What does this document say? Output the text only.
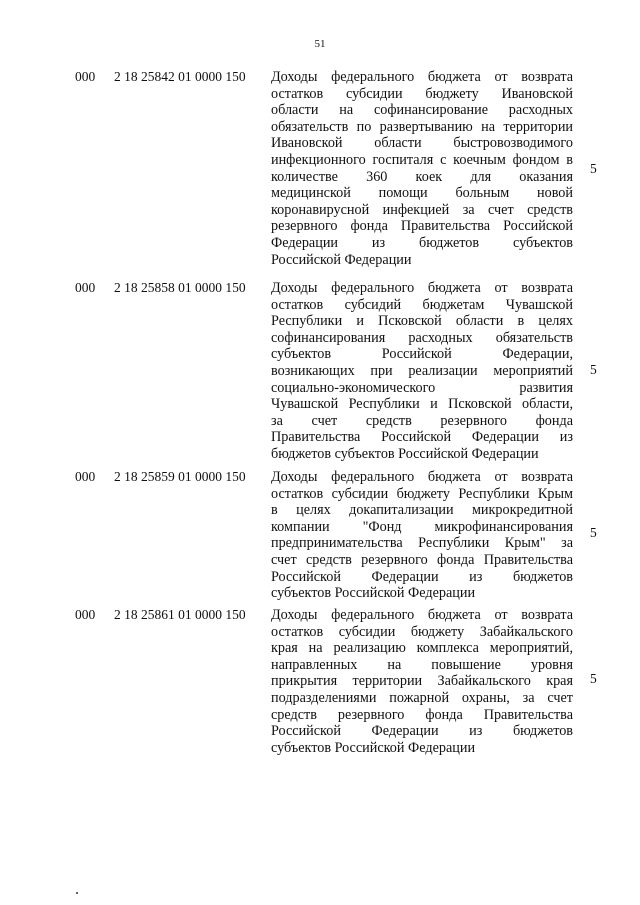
51
000 2 18 25842 01 0000 150 Доходы федерального бюджета от возврата
остатков субсидии бюджету Ивановской
области на софинансирование расходных
обязательств по развертыванию на территории
Ивановской области быстровозводимого
инфекционного госпиталя с коечным фондом в
количестве 360 коек для оказания
медицинской помощи больным новой
коронавирусной инфекцией за счет средств
резервного фонда Правительства Российской
Федерации из бюджетов субъектов
Российской Федерации
5
000 2 18 25858 01 0000 150 Доходы федерального бюджета от возврата
остатков субсидий бюджетам Чувашской
Республики и Псковской области в целях
софинансирования расходных обязательств
субъектов Российской Федерации,
возникающих при реализации мероприятий
социально-экономического развития
Чувашской Республики и Псковской области,
за счет средств резервного фонда
Правительства Российской Федерации из
бюджетов субъектов Российской Федерации
5
000 2 18 25859 01 0000 150 Доходы федерального бюджета от возврата
остатков субсидии бюджету Республики Крым
в целях докапитализации микрокредитной
компании "Фонд микрофинансирования
предпринимательства Республики Крым" за
счет средств резервного фонда Правительства
Российской Федерации из бюджетов
субъектов Российской Федерации
5
000 2 18 25861 01 0000 150 Доходы федерального бюджета от возврата
остатков субсидии бюджету Забайкальского
края на реализацию комплекса мероприятий,
направленных на повышение уровня
прикрытия территории Забайкальского края
подразделениями пожарной охраны, за счет
средств резервного фонда Правительства
Российской Федерации из бюджетов
субъектов Российской Федерации
5
